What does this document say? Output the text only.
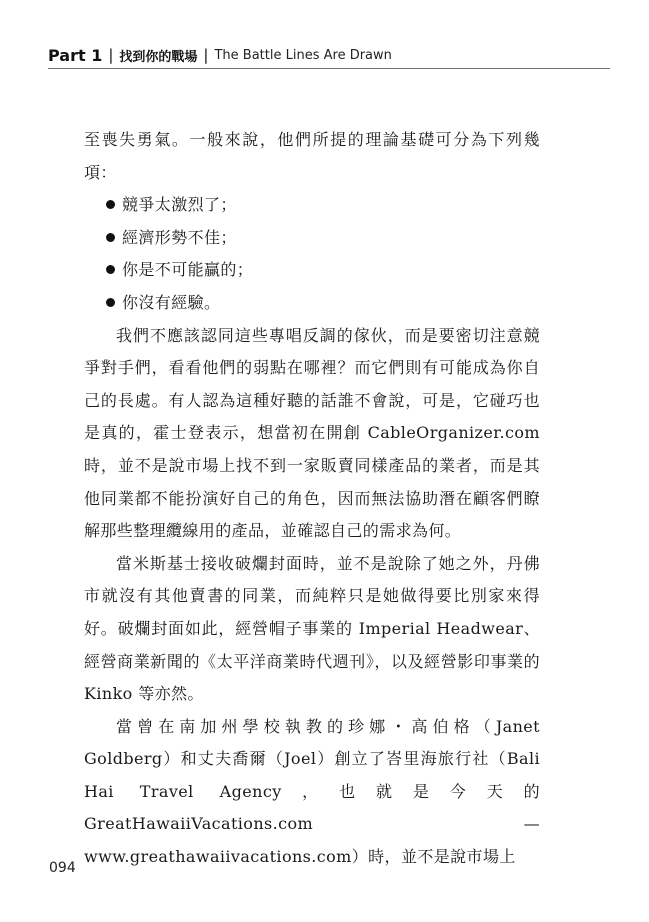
Part 1 | 找到你的戰場 | The Battle Lines Are Drawn

至喪失勇氣。一般來說，他們所提的理論基礎可分為下列幾項：

競爭太激烈了；
經濟形勢不佳；
你是不可能贏的；
你沒有經驗。

我們不應該認同這些專唱反調的傢伙，而是要密切注意競爭對手們，看看他們的弱點在哪裡？而它們則有可能成為你自己的長處。有人認為這種好聽的話誰不會說，可是，它碰巧也是真的，霍士登表示，想當初在開創 CableOrganizer.com 時，並不是說市場上找不到一家販賣同樣產品的業者，而是其他同業都不能扮演好自己的角色，因而無法協助潛在顧客們瞭解那些整理纜線用的產品，並確認自己的需求為何。

當米斯基士接收破爛封面時，並不是說除了她之外，丹佛市就沒有其他賣書的同業，而純粹只是她做得要比別家來得好。破爛封面如此，經營帽子事業的 Imperial Headwear、經營商業新聞的《太平洋商業時代週刊》，以及經營影印事業的 Kinko 等亦然。

當曾在南加州學校執教的珍娜・高伯格（Janet Goldberg）和丈夫喬爾（Joel）創立了峇里海旅行社（Bali Hai Travel Agency，也就是今天的 GreatHawaiiVacations.com — www.greathawaiivacations.com）時，並不是說市場上

094
